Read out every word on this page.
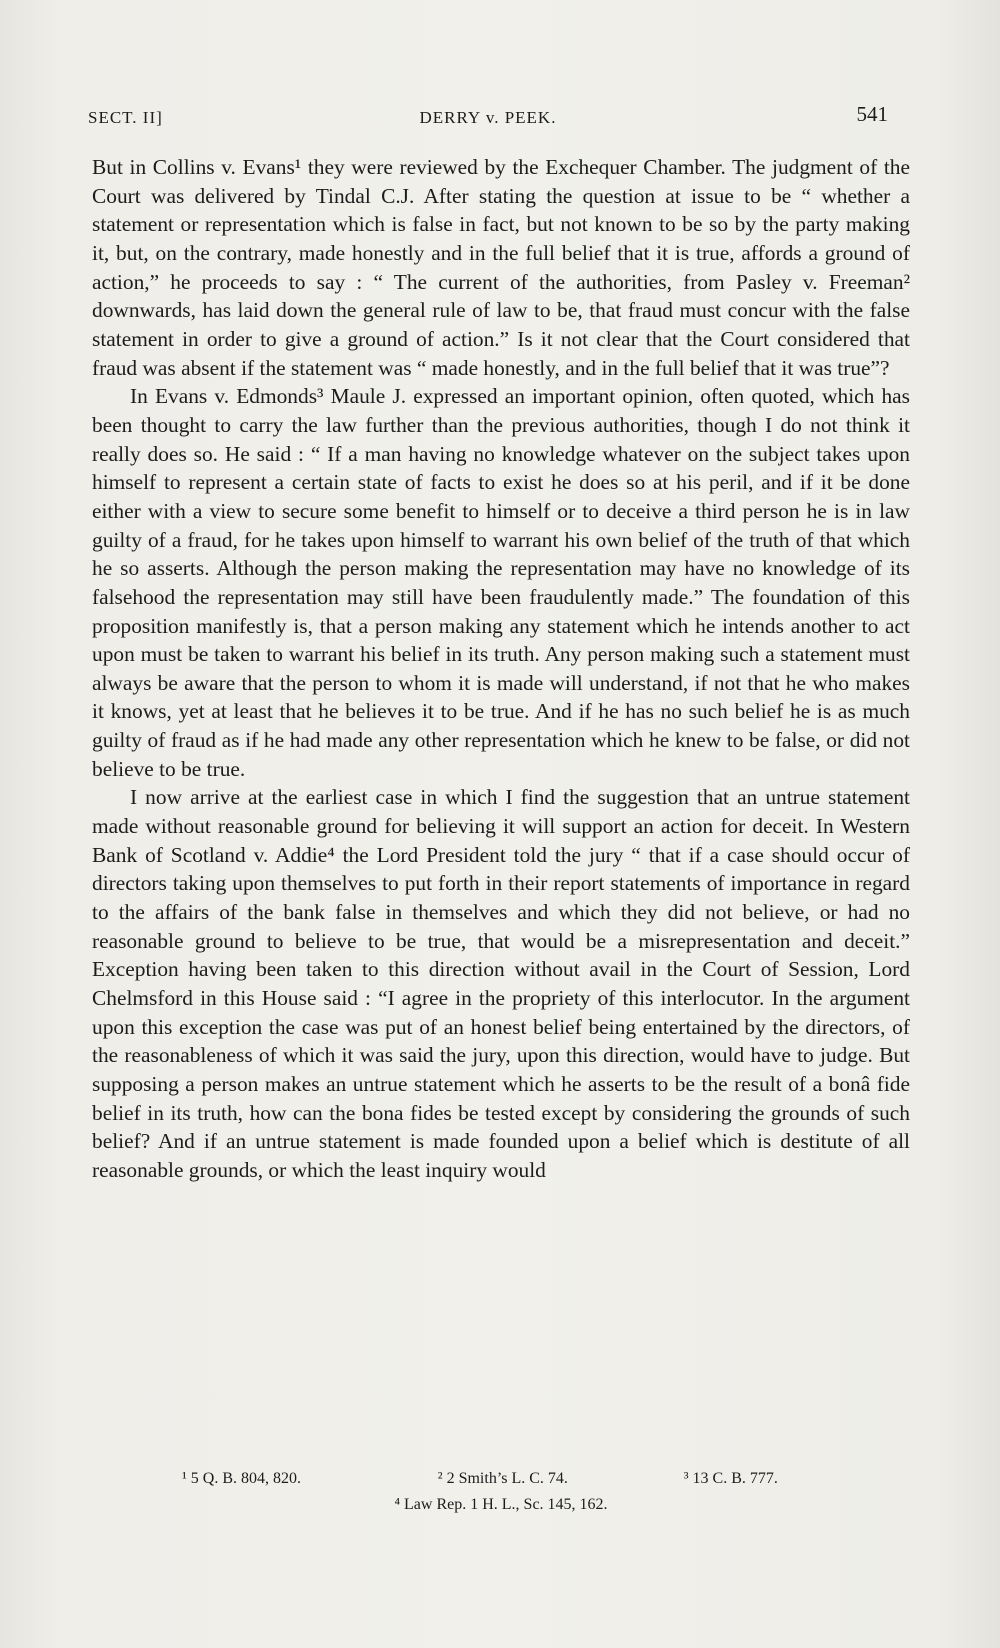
SECT. II]	DERRY v. PEEK.	541

But in Collins v. Evans¹ they were reviewed by the Exchequer Chamber. The judgment of the Court was delivered by Tindal C.J. After stating the question at issue to be “ whether a statement or representation which is false in fact, but not known to be so by the party making it, but, on the contrary, made honestly and in the full belief that it is true, affords a ground of action,” he proceeds to say : “ The current of the authorities, from Pasley v. Freeman² downwards, has laid down the general rule of law to be, that fraud must concur with the false statement in order to give a ground of action.” Is it not clear that the Court considered that fraud was absent if the statement was “ made honestly, and in the full belief that it was true”?

In Evans v. Edmonds³ Maule J. expressed an important opinion, often quoted, which has been thought to carry the law further than the previous authorities, though I do not think it really does so. He said : “ If a man having no knowledge whatever on the subject takes upon himself to represent a certain state of facts to exist he does so at his peril, and if it be done either with a view to secure some benefit to himself or to deceive a third person he is in law guilty of a fraud, for he takes upon himself to warrant his own belief of the truth of that which he so asserts. Although the person making the representation may have no knowledge of its falsehood the representation may still have been fraudulently made.” The foundation of this proposition manifestly is, that a person making any statement which he intends another to act upon must be taken to warrant his belief in its truth. Any person making such a statement must always be aware that the person to whom it is made will understand, if not that he who makes it knows, yet at least that he believes it to be true. And if he has no such belief he is as much guilty of fraud as if he had made any other representation which he knew to be false, or did not believe to be true.

I now arrive at the earliest case in which I find the suggestion that an untrue statement made without reasonable ground for believing it will support an action for deceit. In Western Bank of Scotland v. Addie⁴ the Lord President told the jury “ that if a case should occur of directors taking upon themselves to put forth in their report statements of importance in regard to the affairs of the bank false in themselves and which they did not believe, or had no reasonable ground to believe to be true, that would be a misrepresentation and deceit.” Exception having been taken to this direction without avail in the Court of Session, Lord Chelmsford in this House said : “I agree in the propriety of this interlocutor. In the argument upon this exception the case was put of an honest belief being entertained by the directors, of the reasonableness of which it was said the jury, upon this direction, would have to judge. But supposing a person makes an untrue statement which he asserts to be the result of a bonâ fide belief in its truth, how can the bona fides be tested except by considering the grounds of such belief? And if an untrue statement is made founded upon a belief which is destitute of all reasonable grounds, or which the least inquiry would

¹ 5 Q. B. 804, 820.	² 2 Smith’s L. C. 74.	³ 13 C. B. 777.
⁴ Law Rep. 1 H. L., Sc. 145, 162.
